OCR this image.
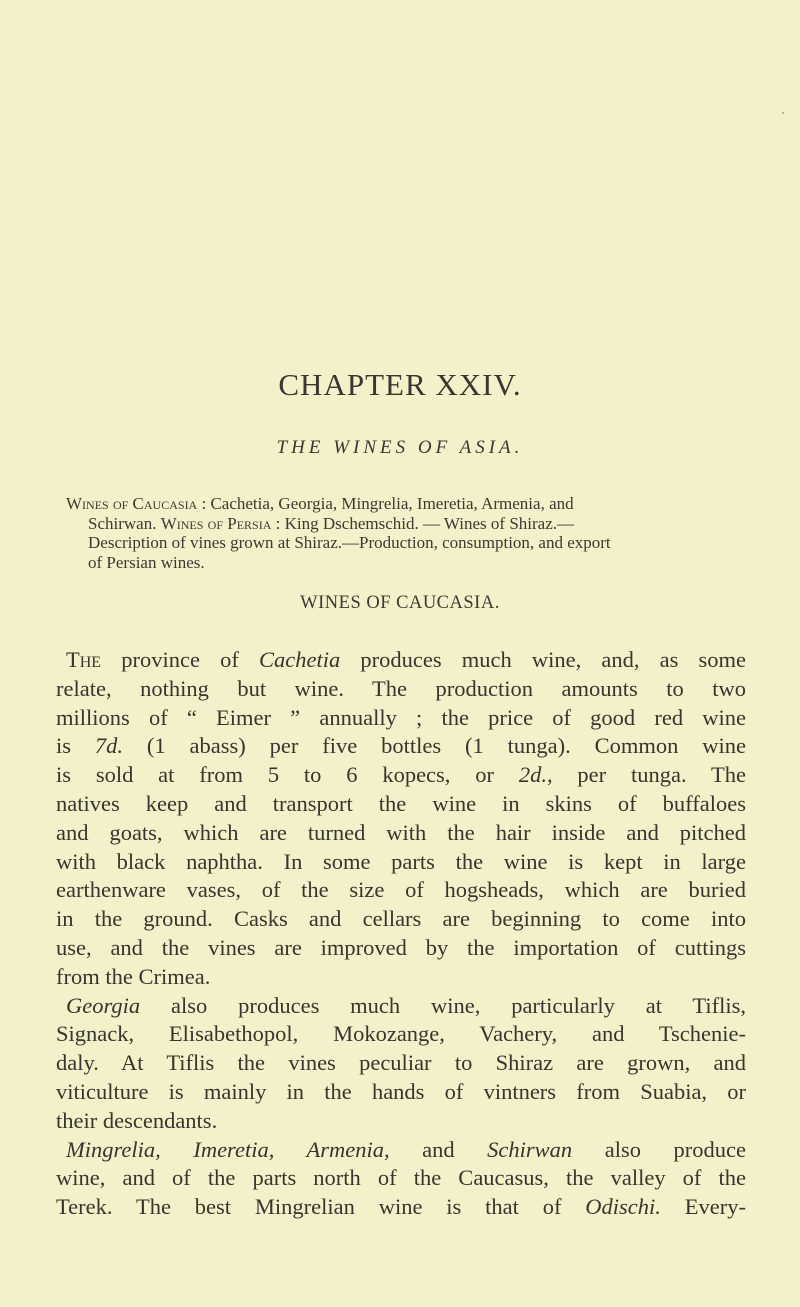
CHAPTER XXIV.
THE WINES OF ASIA.
Wines of Caucasia : Cachetia, Georgia, Mingrelia, Imeretia, Armenia, and
Schirwan. Wines of Persia : King Dschemschid. — Wines of Shiraz.—
Description of vines grown at Shiraz.—Production, consumption, and export
of Persian wines.
WINES OF CAUCASIA.
The province of Cachetia produces much wine, and, as some
relate, nothing but wine. The production amounts to two
millions of “ Eimer ” annually ; the price of good red wine
is 7d. (1 abass) per five bottles (1 tunga). Common wine
is sold at from 5 to 6 kopecs, or 2d., per tunga. The
natives keep and transport the wine in skins of buffaloes
and goats, which are turned with the hair inside and pitched
with black naphtha. In some parts the wine is kept in large
earthenware vases, of the size of hogsheads, which are buried
in the ground. Casks and cellars are beginning to come into
use, and the vines are improved by the importation of cuttings
from the Crimea.
Georgia also produces much wine, particularly at Tiflis,
Signack, Elisabethopol, Mokozange, Vachery, and Tschenie-
daly. At Tiflis the vines peculiar to Shiraz are grown, and
viticulture is mainly in the hands of vintners from Suabia, or
their descendants.
Mingrelia, Imeretia, Armenia, and Schirwan also produce
wine, and of the parts north of the Caucasus, the valley of the
Terek. The best Mingrelian wine is that of Odischi. Every-
